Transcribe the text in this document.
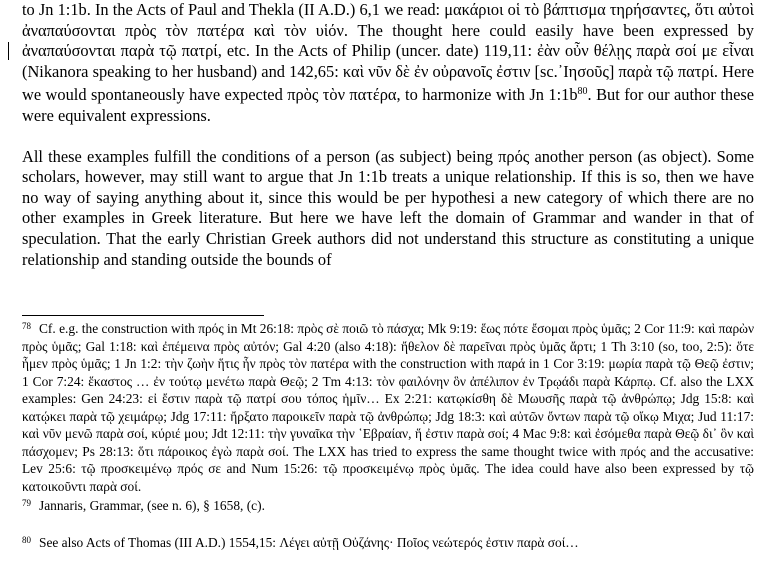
to Jn 1:1b. In the Acts of Paul and Thekla (II A.D.) 6,1 we read: μακάριοι οἱ τὸ βάπτισμα τηρήσαντες, ὅτι αὐτοὶ ἀναπαύσονται πρὸς τὸν πατέρα καὶ τὸν υἱόν. The thought here could easily have been expressed by ἀναπαύσονται παρὰ τῷ πατρί, etc. In the Acts of Philip (uncer. date) 119,11: ἐὰν οὖν θέλῃς παρὰ σοί με εἶναι (Nikanora speaking to her husband) and 142,65: καὶ νῦν δὲ ἐν οὐρανοῖς ἐστιν [sc.᾿Ιησοῦς] παρὰ τῷ πατρί. Here we would spontaneously have expected πρὸς τὸν πατέρα, to harmonize with Jn $1:1b^{80}$. But for our author these were equivalent expressions.

All these examples fulfill the conditions of a person (as subject) being πρός another person (as object). Some scholars, however, may still want to argue that Jn 1:1b treats a unique relationship. If this is so, then we have no way of saying anything about it, since this would be per hypothesi a new category of which there are no other examples in Greek literature. But here we have left the domain of Grammar and wander in that of speculation. That the early Christian Greek authors did not understand this structure as constituting a unique relationship and standing outside the bounds of

$^{78}$ Cf. e.g. the construction with πρός in Mt 26:18: πρὸς σὲ ποιῶ τὸ πάσχα; Mk 9:19: ἕως πότε ἔσομαι πρὸς ὑμᾶς; 2 Cor 11:9: καὶ παρὼν πρὸς ὑμᾶς; Gal 1:18: καὶ ἐπέμεινα πρὸς αὐτόν; Gal 4:20 (also 4:18): ἤθελον δὲ παρεῖναι πρὸς ὑμᾶς ἄρτι; 1 Th 3:10 (so, too, 2:5): ὅτε ἦμεν πρὸς ὑμᾶς; 1 Jn 1:2: τὴν ζωὴν ἥτις ἦν πρὸς τὸν πατέρα with the construction with παρά in 1 Cor 3:19: μωρία παρὰ τῷ Θεῷ ἐστιν; 1 Cor 7:24: ἕκαστος … ἐν τούτῳ μενέτω παρὰ Θεῷ; 2 Tm 4:13: τὸν φαιλόνην ὃν ἀπέλιπον ἐν Τρῳάδι παρὰ Κάρπῳ. Cf. also the LXX examples: Gen 24:23: εἰ ἔστιν παρὰ τῷ πατρί σου τόπος ἡμῖν… Ex 2:21: κατῳκίσθη δὲ Μωυσῆς παρὰ τῷ ἀνθρώπῳ; Jdg 15:8: καὶ κατῴκει παρὰ τῷ χειμάρῳ; Jdg 17:11: ἤρξατο παροικεῖν παρὰ τῷ ἀνθρώπῳ; Jdg 18:3: καὶ αὐτῶν ὄντων παρὰ τῷ οἴκῳ Μιχα; Jud 11:17: καὶ νῦν μενῶ παρὰ σοί, κύριέ μου; Jdt 12:11: τὴν γυναῖκα τὴν ῾Εβραίαν, ἥ ἐστιν παρὰ σοί; 4 Mac 9:8: καὶ ἐσόμεθα παρὰ Θεῷ δι᾿ ὃν καὶ πάσχομεν; Ps 28:13: ὅτι πάροικος ἐγὼ παρὰ σοί. The LXX has tried to express the same thought twice with πρός and the accusative: Lev 25:6: τῷ προσκειμένῳ πρός σε and Num 15:26: τῷ προσκειμένῳ πρὸς ὑμᾶς. The idea could have also been expressed by τῷ κατοικοῦντι παρὰ σοί.

$^{79}$ Jannaris, Grammar, (see n. 6), § 1658, (c).

$^{80}$ See also Acts of Thomas (III A.D.) 1554,15: Λέγει αὐτῇ Οὐζάνης· Ποῖος νεώτερός ἐστιν παρὰ σοί…
